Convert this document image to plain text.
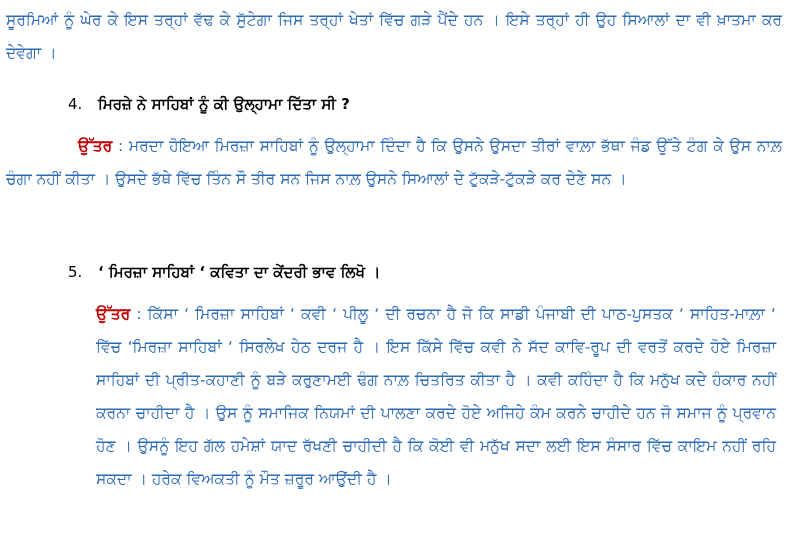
ਸੂਰਮਿਆਂ ਨੂੰ ਘੇਰ ਕੇ ਇਸ ਤਰ੍ਹਾਂ ਵੱਢ ਕੇ ਸੁੱਟੇਗਾ ਜਿਸ ਤਰ੍ਹਾਂ ਖੇਤਾਂ ਵਿੱਚ ਗੜੇ ਪੈਂਦੇ ਹਨ । ਇਸੇ ਤਰ੍ਹਾਂ ਹੀ ਉਹ ਸਿਆਲਾਂ ਦਾ ਵੀ ਖ਼ਾਤਮਾ ਕਰ ਦੇਵੇਗਾ ।

4. ਮਿਰਜ਼ੇ ਨੇ ਸਾਹਿਬਾਂ ਨੂੰ ਕੀ ਉਲ੍ਹਾਮਾ ਦਿੱਤਾ ਸੀ ?

ਉੱਤਰ : ਮਰਦਾ ਹੋਇਆ ਮਿਰਜ਼ਾ ਸਾਹਿਬਾਂ ਨੂੰ ਉਲ੍ਹਾਮਾ ਦਿੰਦਾ ਹੈ ਕਿ ਉਸਨੇ ਉਸਦਾ ਤੀਰਾਂ ਵਾਲ਼ਾ ਭੱਥਾ ਜੰਡ ਉੱਤੇ ਟੰਗ ਕੇ ਉਸ ਨਾਲ਼ ਚੰਗਾ ਨਹੀਂ ਕੀਤਾ । ਉਸਦੇ ਭੱਥੇ ਵਿੱਚ ਤਿੰਨ ਸੌ ਤੀਰ ਸਨ ਜਿਸ ਨਾਲ਼ ਉਸਨੇ ਸਿਆਲਾਂ ਦੇ ਟੁੱਕੜੇ-ਟੁੱਕੜੇ ਕਰ ਦੇਣੇ ਸਨ ।

5. ‘ ਮਿਰਜ਼ਾ ਸਾਹਿਬਾਂ ‘ ਕਵਿਤਾ ਦਾ ਕੇਂਦਰੀ ਭਾਵ ਲਿਖੋ ।

ਉੱਤਰ : ਕਿੱਸਾ ‘ ਮਿਰਜ਼ਾ ਸਾਹਿਬਾਂ ‘ ਕਵੀ ‘ ਪੀਲੂ ‘ ਦੀ ਰਚਨਾ ਹੈ ਜੋ ਕਿ ਸਾਡੀ ਪੰਜਾਬੀ ਦੀ ਪਾਠ-ਪੁਸਤਕ ‘ ਸਾਹਿਤ-ਮਾਲ਼ਾ ‘ ਵਿੱਚ ‘ਮਿਰਜ਼ਾ ਸਾਹਿਬਾਂ ‘ ਸਿਰਲੇਖ ਹੇਠ ਦਰਜ ਹੈ । ਇਸ ਕਿੱਸੇ ਵਿੱਚ ਕਵੀ ਨੇ ਸੱਦ ਕਾਵਿ-ਰੂਪ ਦੀ ਵਰਤੋਂ ਕਰਦੇ ਹੋਏ ਮਿਰਜ਼ਾ ਸਾਹਿਬਾਂ ਦੀ ਪ੍ਰੀਤ-ਕਹਾਣੀ ਨੂੰ ਬੜੇ ਕਰੁਣਾਮਈ ਢੰਗ ਨਾਲ਼ ਚਿਤਰਿਤ ਕੀਤਾ ਹੈ । ਕਵੀ ਕਹਿੰਦਾ ਹੈ ਕਿ ਮਨੁੱਖ ਕਦੇ ਹੰਕਾਰ ਨਹੀਂ ਕਰਨਾ ਚਾਹੀਦਾ ਹੈ । ਉਸ ਨੂੰ ਸਮਾਜਿਕ ਨਿਯਮਾਂ ਦੀ ਪਾਲਣਾ ਕਰਦੇ ਹੋਏ ਅਜਿਹੇ ਕੰਮ ਕਰਨੇ ਚਾਹੀਦੇ ਹਨ ਜੋ ਸਮਾਜ ਨੂੰ ਪ੍ਰਵਾਨ ਹੋਣ । ਉਸਨੂੰ ਇਹ ਗੱਲ ਹਮੇਸ਼ਾਂ ਯਾਦ ਰੱਖਣੀ ਚਾਹੀਦੀ ਹੈ ਕਿ ਕੋਈ ਵੀ ਮਨੁੱਖ ਸਦਾ ਲਈ ਇਸ ਸੰਸਾਰ ਵਿੱਚ ਕਾਇਮ ਨਹੀਂ ਰਹਿ ਸਕਦਾ । ਹਰੇਕ ਵਿਅਕਤੀ ਨੂੰ ਮੌਤ ਜ਼ਰੂਰ ਆਉਂਦੀ ਹੈ ।
